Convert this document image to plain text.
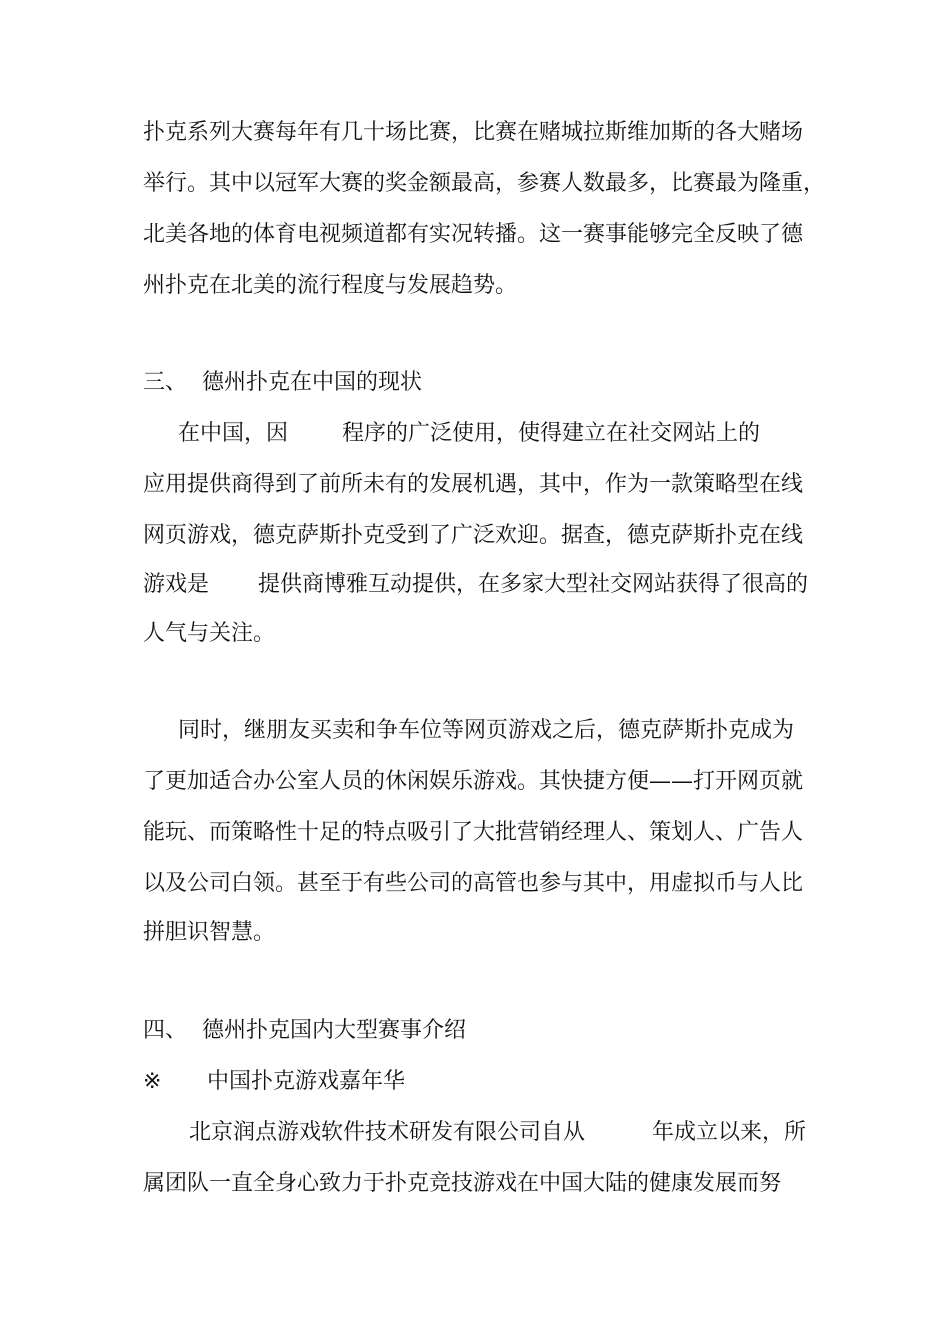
扑克系列大赛每年有几十场比赛，比赛在赌城拉斯维加斯的各大赌场
举行。其中以冠军大赛的奖金额最高，参赛人数最多，比赛最为隆重，
北美各地的体育电视频道都有实况转播。这一赛事能够完全反映了德
州扑克在北美的流行程度与发展趋势。
三、 德州扑克在中国的现状
在中国，因 程序的广泛使用，使得建立在社交网站上的
应用提供商得到了前所未有的发展机遇，其中，作为一款策略型在线
网页游戏，德克萨斯扑克受到了广泛欢迎。据查，德克萨斯扑克在线
游戏是 提供商博雅互动提供，在多家大型社交网站获得了很高的
人气与关注。
同时，继朋友买卖和争车位等网页游戏之后，德克萨斯扑克成为
了更加适合办公室人员的休闲娱乐游戏。其快捷方便——打开网页就
能玩、而策略性十足的特点吸引了大批营销经理人、策划人、广告人
以及公司白领。甚至于有些公司的高管也参与其中，用虚拟币与人比
拼胆识智慧。
四、 德州扑克国内大型赛事介绍
※ 中国扑克游戏嘉年华
北京润点游戏软件技术研发有限公司自从	年成立以来，所
属团队一直全身心致力于扑克竞技游戏在中国大陆的健康发展而努
